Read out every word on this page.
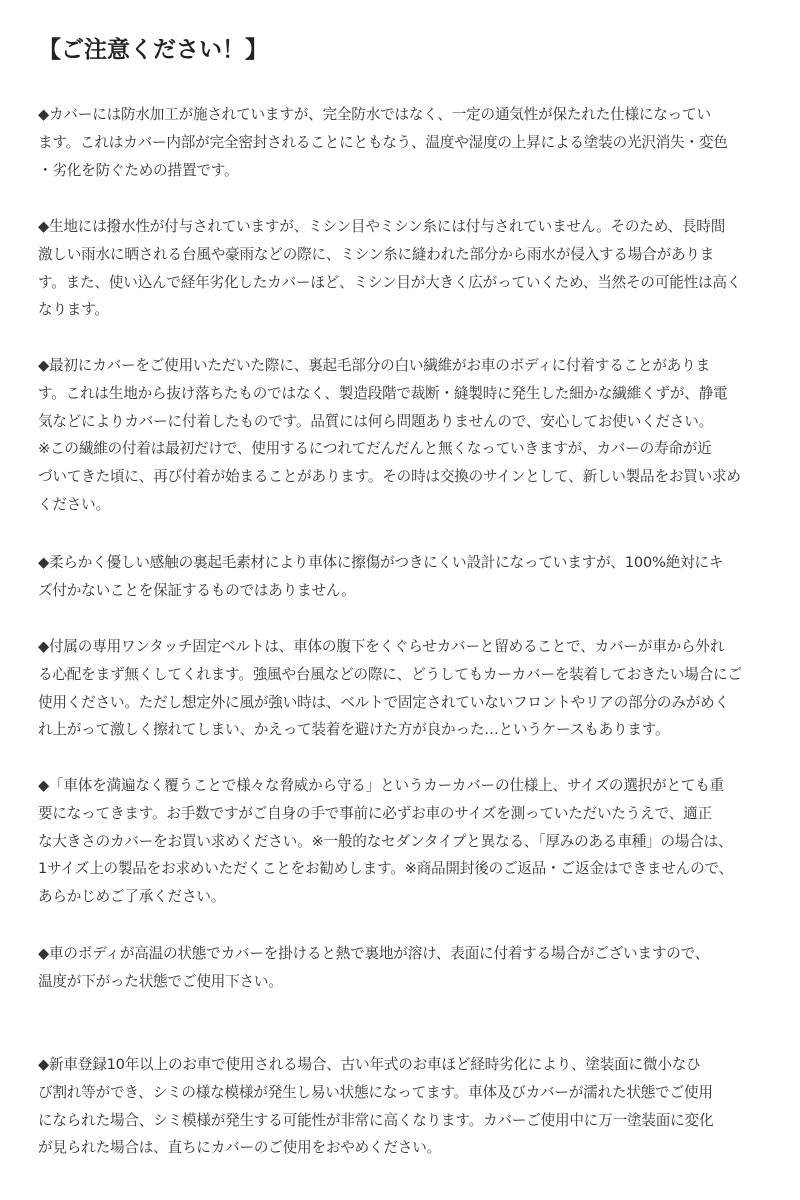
【ご注意ください！】

◆カバーには防水加工が施されていますが、完全防水ではなく、一定の通気性が保たれた仕様になってい
ます。これはカバー内部が完全密封されることにともなう、温度や湿度の上昇による塗装の光沢消失・変色
・劣化を防ぐための措置です。

◆生地には撥水性が付与されていますが、ミシン目やミシン糸には付与されていません。そのため、長時間
激しい雨水に晒される台風や豪雨などの際に、ミシン糸に縫われた部分から雨水が侵入する場合がありま
す。また、使い込んで経年劣化したカバーほど、ミシン目が大きく広がっていくため、当然その可能性は高く
なります。

◆最初にカバーをご使用いただいた際に、裏起毛部分の白い繊維がお車のボディに付着することがありま
す。これは生地から抜け落ちたものではなく、製造段階で裁断・縫製時に発生した細かな繊維くずが、静電
気などによりカバーに付着したものです。品質には何ら問題ありませんので、安心してお使いください。
※この繊維の付着は最初だけで、使用するにつれてだんだんと無くなっていきますが、カバーの寿命が近
づいてきた頃に、再び付着が始まることがあります。その時は交換のサインとして、新しい製品をお買い求め
ください。

◆柔らかく優しい感触の裏起毛素材により車体に擦傷がつきにくい設計になっていますが、100%絶対にキ
ズ付かないことを保証するものではありません。

◆付属の専用ワンタッチ固定ベルトは、車体の腹下をくぐらせカバーと留めることで、カバーが車から外れ
る心配をまず無くしてくれます。強風や台風などの際に、どうしてもカーカバーを装着しておきたい場合にご
使用ください。ただし想定外に風が強い時は、ベルトで固定されていないフロントやリアの部分のみがめく
れ上がって激しく擦れてしまい、かえって装着を避けた方が良かった…というケースもあります。

◆「車体を満遍なく覆うことで様々な脅威から守る」というカーカバーの仕様上、サイズの選択がとても重
要になってきます。お手数ですがご自身の手で事前に必ずお車のサイズを測っていただいたうえで、適正
な大きさのカバーをお買い求めください。※一般的なセダンタイプと異なる、「厚みのある車種」の場合は、
1サイズ上の製品をお求めいただくことをお勧めします。※商品開封後のご返品・ご返金はできませんので、
あらかじめご了承ください。

◆車のボディが高温の状態でカバーを掛けると熱で裏地が溶け、表面に付着する場合がございますので、
温度が下がった状態でご使用下さい。

◆新車登録10年以上のお車で使用される場合、古い年式のお車ほど経時劣化により、塗装面に微小なひ
び割れ等ができ、シミの様な模様が発生し易い状態になってます。車体及びカバーが濡れた状態でご使用
になられた場合、シミ模様が発生する可能性が非常に高くなります。カバーご使用中に万一塗装面に変化
が見られた場合は、直ちにカバーのご使用をおやめください。
